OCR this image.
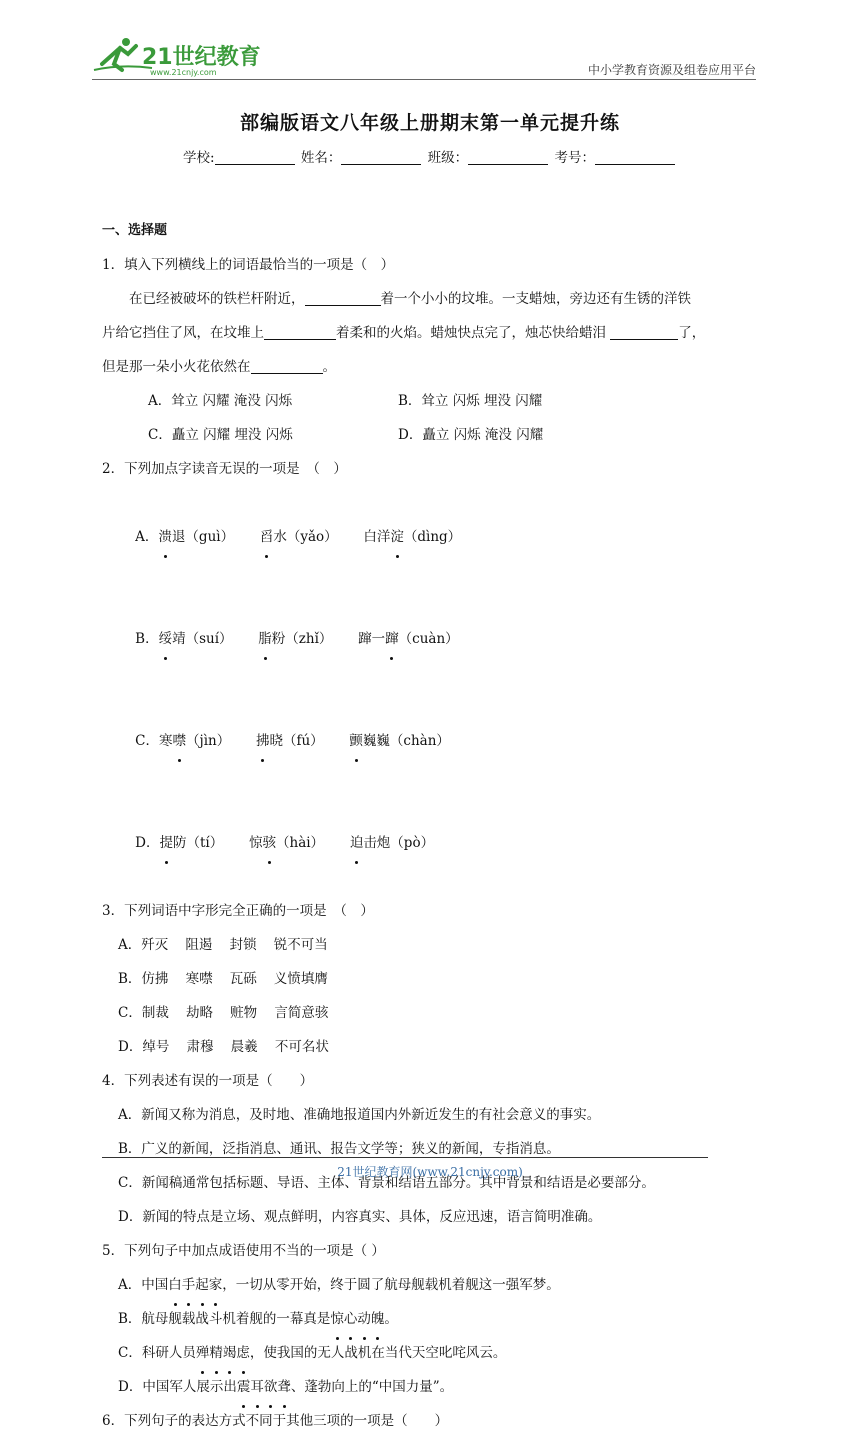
21世纪教育
www.21cnjy.com	中小学教育资源及组卷应用平台
部编版语文八年级上册期末第一单元提升练
学校:	姓名：	班级：	考号：
一、选择题
1．填入下列横线上的词语最恰当的一项是（　）
在已经被破坏的铁栏杆附近，	着一个小小的坟堆。一支蜡烛，旁边还有生锈的洋铁
片给它挡住了风，在坟堆上	着柔和的火焰。蜡烛快点完了，烛芯快给蜡泪	了，
但是那一朵小火花依然在	。
A．耸立 闪耀 淹没 闪烁	B．耸立 闪烁 埋没 闪耀
C．矗立 闪耀 埋没 闪烁	D．矗立 闪烁 淹没 闪耀
2．下列加点字读音无误的一项是　（　）

A．溃退（guì）      舀水（yǎo）      白洋淀（dìng）

B．绥靖（suí）      脂粉（zhǐ）      蹿一蹿（cuàn）

C．寒噤（jìn）      拂晓（fú）      颤巍巍（chàn）

D．提防（tí）      惊骇（hài）      迫击炮（pò）

3．下列词语中字形完全正确的一项是　（　）
A．歼灭    阻遏    封锁    锐不可当
B．仿拂    寒噤    瓦砾    义愤填膺
C．制裁    劫略    赃物    言简意骇
D．绰号    肃穆    晨羲    不可名状
4．下列表述有误的一项是（　　）
A．新闻又称为消息，及时地、准确地报道国内外新近发生的有社会意义的事实。
B．广义的新闻，泛指消息、通讯、报告文学等；狭义的新闻，专指消息。
C．新闻稿通常包括标题、导语、主体、背景和结语五部分。其中背景和结语是必要部分。
D．新闻的特点是立场、观点鲜明，内容真实、具体，反应迅速，语言简明准确。
5．下列句子中加点成语使用不当的一项是（ ）
A．中国白手起家，一切从零开始，终于圆了航母舰载机着舰这一强军梦。
B．航母舰载战斗机着舰的一幕真是惊心动魄。
C．科研人员殚精竭虑，使我国的无人战机在当代天空叱咤风云。
D．中国军人展示出震耳欲聋、蓬勃向上的“中国力量”。
6．下列句子的表达方式不同于其他三项的一项是（　　）
21世纪教育网(www.21cnjy.com)
